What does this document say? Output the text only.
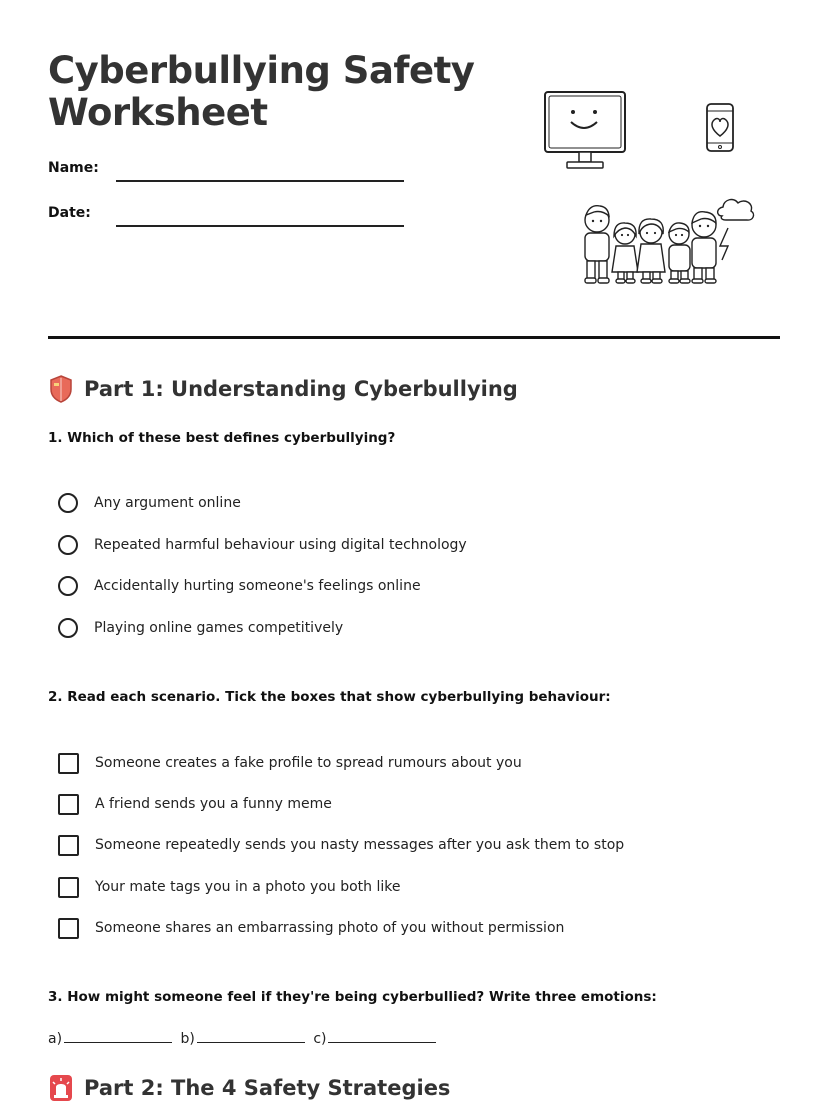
Cyberbullying Safety Worksheet
Name:
Date:
Part 1: Understanding Cyberbullying
1. Which of these best defines cyberbullying?
Any argument online
Repeated harmful behaviour using digital technology
Accidentally hurting someone's feelings online
Playing online games competitively
2. Read each scenario. Tick the boxes that show cyberbullying behaviour:
Someone creates a fake profile to spread rumours about you
A friend sends you a funny meme
Someone repeatedly sends you nasty messages after you ask them to stop
Your mate tags you in a photo you both like
Someone shares an embarrassing photo of you without permission
3. How might someone feel if they're being cyberbullied? Write three emotions:
a)	b)	c)
Part 2: The 4 Safety Strategies
